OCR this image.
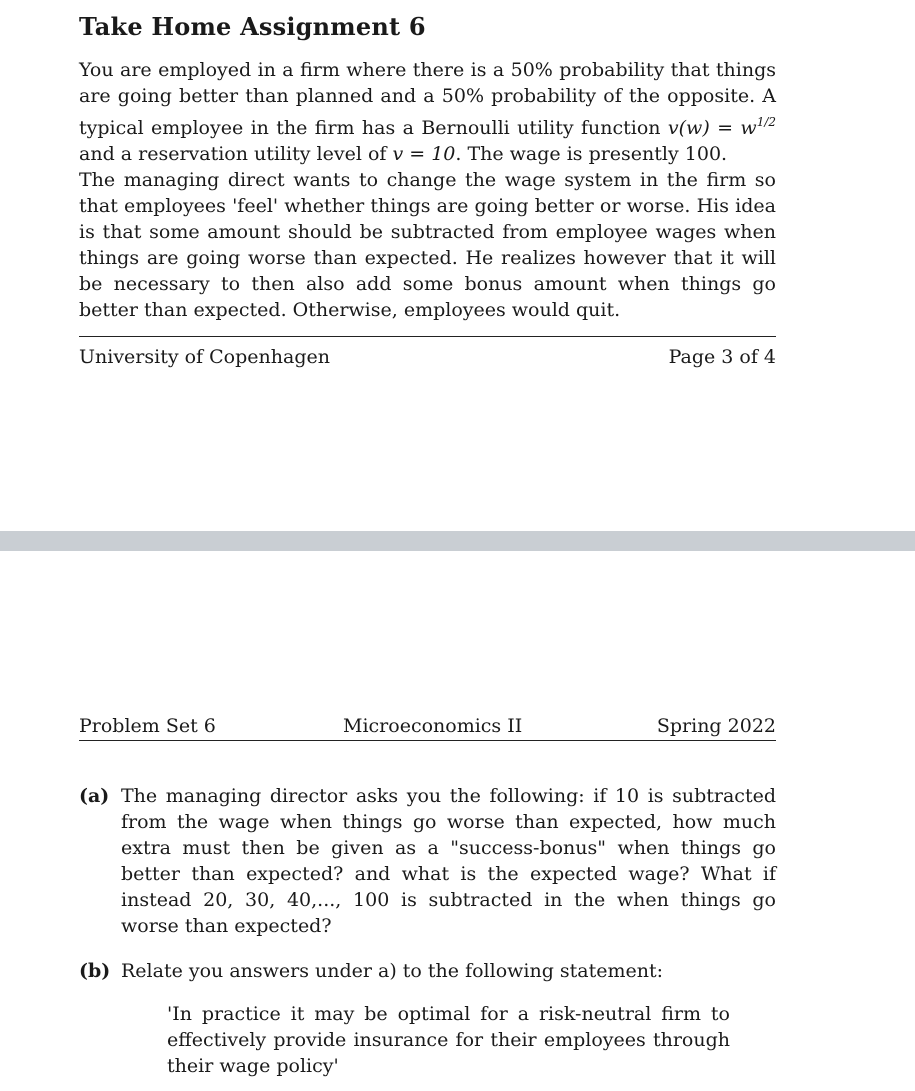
Take Home Assignment 6

You are employed in a firm where there is a 50% probability that things are going better than planned and a 50% probability of the opposite. A typical employee in the firm has a Bernoulli utility function $v(w) = w^{1/2}$ and a reservation utility level of v = 10. The wage is presently 100.

The managing direct wants to change the wage system in the firm so that employees 'feel' whether things are going better or worse. His idea is that some amount should be subtracted from employee wages when things are going worse than expected. He realizes however that it will be necessary to then also add some bonus amount when things go better than expected. Otherwise, employees would quit.

University of Copenhagen	Page 3 of 4
Problem Set 6	Microeconomics II	Spring 2022
(a) The managing director asks you the following: if 10 is subtracted from the wage when things go worse than expected, how much extra must then be given as a "success-bonus" when things go better than expected? and what is the expected wage? What if instead 20, 30, 40,..., 100 is subtracted in the when things go worse than expected?
(b) Relate you answers under a) to the following statement:
'In practice it may be optimal for a risk-neutral firm to effectively provide insurance for their employees through their wage policy'
